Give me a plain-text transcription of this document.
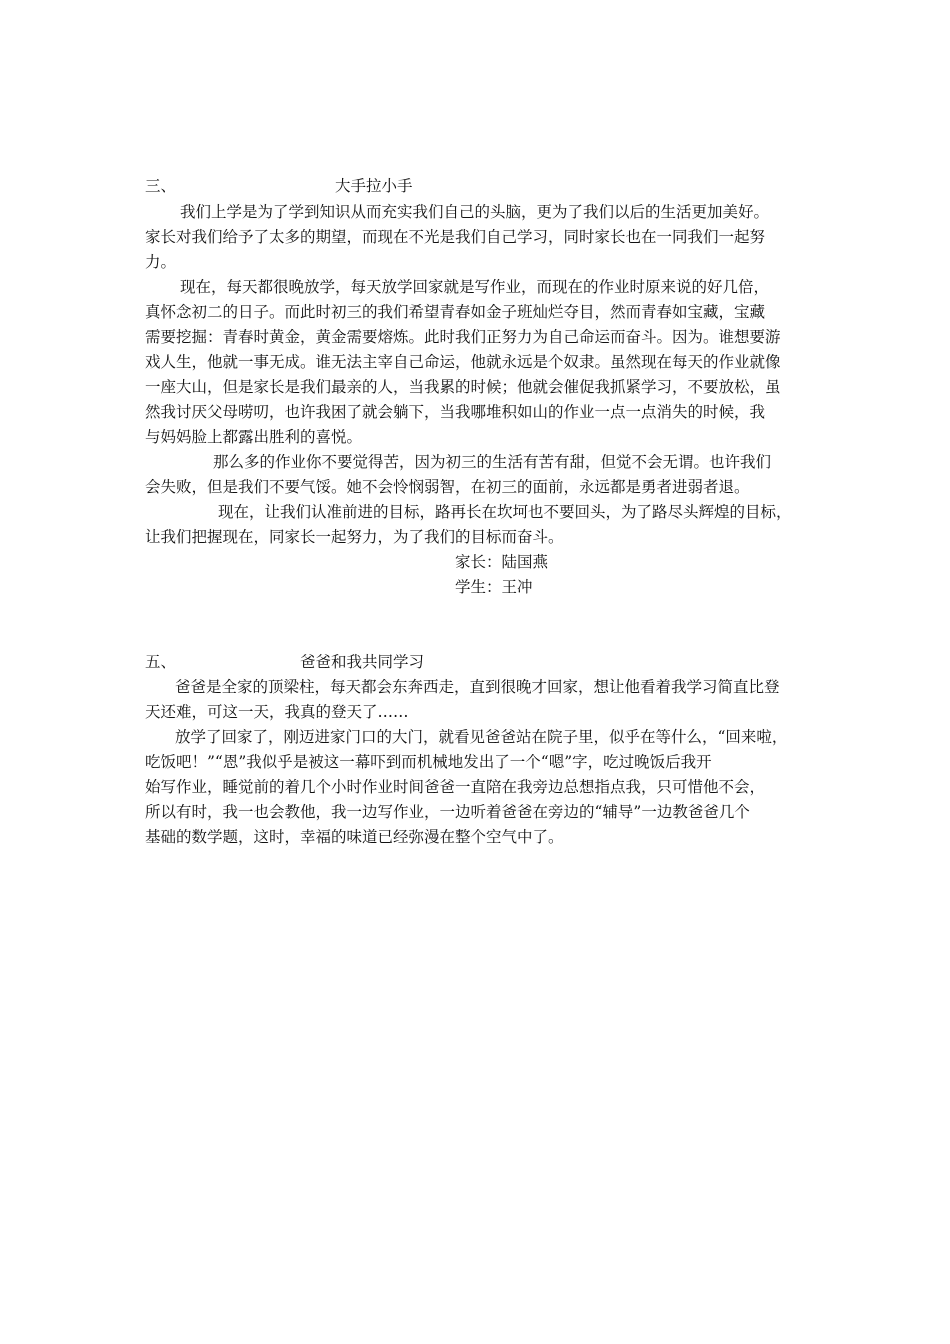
三、	大手拉小手
我们上学是为了学到知识从而充实我们自己的头脑，更为了我们以后的生活更加美好。
家长对我们给予了太多的期望，而现在不光是我们自己学习，同时家长也在一同我们一起努
力。
现在，每天都很晚放学，每天放学回家就是写作业，而现在的作业时原来说的好几倍，
真怀念初二的日子。而此时初三的我们希望青春如金子班灿烂夺目，然而青春如宝藏，宝藏
需要挖掘：青春时黄金，黄金需要熔炼。此时我们正努力为自己命运而奋斗。因为。谁想要游
戏人生，他就一事无成。谁无法主宰自己命运，他就永远是个奴隶。虽然现在每天的作业就像
一座大山，但是家长是我们最亲的人，当我累的时候；他就会催促我抓紧学习，不要放松，虽
然我讨厌父母唠叨，也许我困了就会躺下，当我哪堆积如山的作业一点一点消失的时候，我
与妈妈脸上都露出胜利的喜悦。
那么多的作业你不要觉得苦，因为初三的生活有苦有甜，但觉不会无谓。也许我们
会失败，但是我们不要气馁。她不会怜悯弱智，在初三的面前，永远都是勇者进弱者退。
现在，让我们认准前进的目标，路再长在坎坷也不要回头，为了路尽头辉煌的目标，
让我们把握现在，同家长一起努力，为了我们的目标而奋斗。
家长：陆国燕
学生：王冲
五、	爸爸和我共同学习
爸爸是全家的顶梁柱，每天都会东奔西走，直到很晚才回家，想让他看着我学习简直比登
天还难，可这一天，我真的登天了……
放学了回家了，刚迈进家门口的大门，就看见爸爸站在院子里，似乎在等什么，“回来啦，
吃饭吧！”“恩”我似乎是被这一幕吓到而机械地发出了一个“嗯”字，吃过晚饭后我开
始写作业，睡觉前的着几个小时作业时间爸爸一直陪在我旁边总想指点我，只可惜他不会，
所以有时，我一也会教他，我一边写作业，一边听着爸爸在旁边的“辅导”一边教爸爸几个
基础的数学题，这时，幸福的味道已经弥漫在整个空气中了。
